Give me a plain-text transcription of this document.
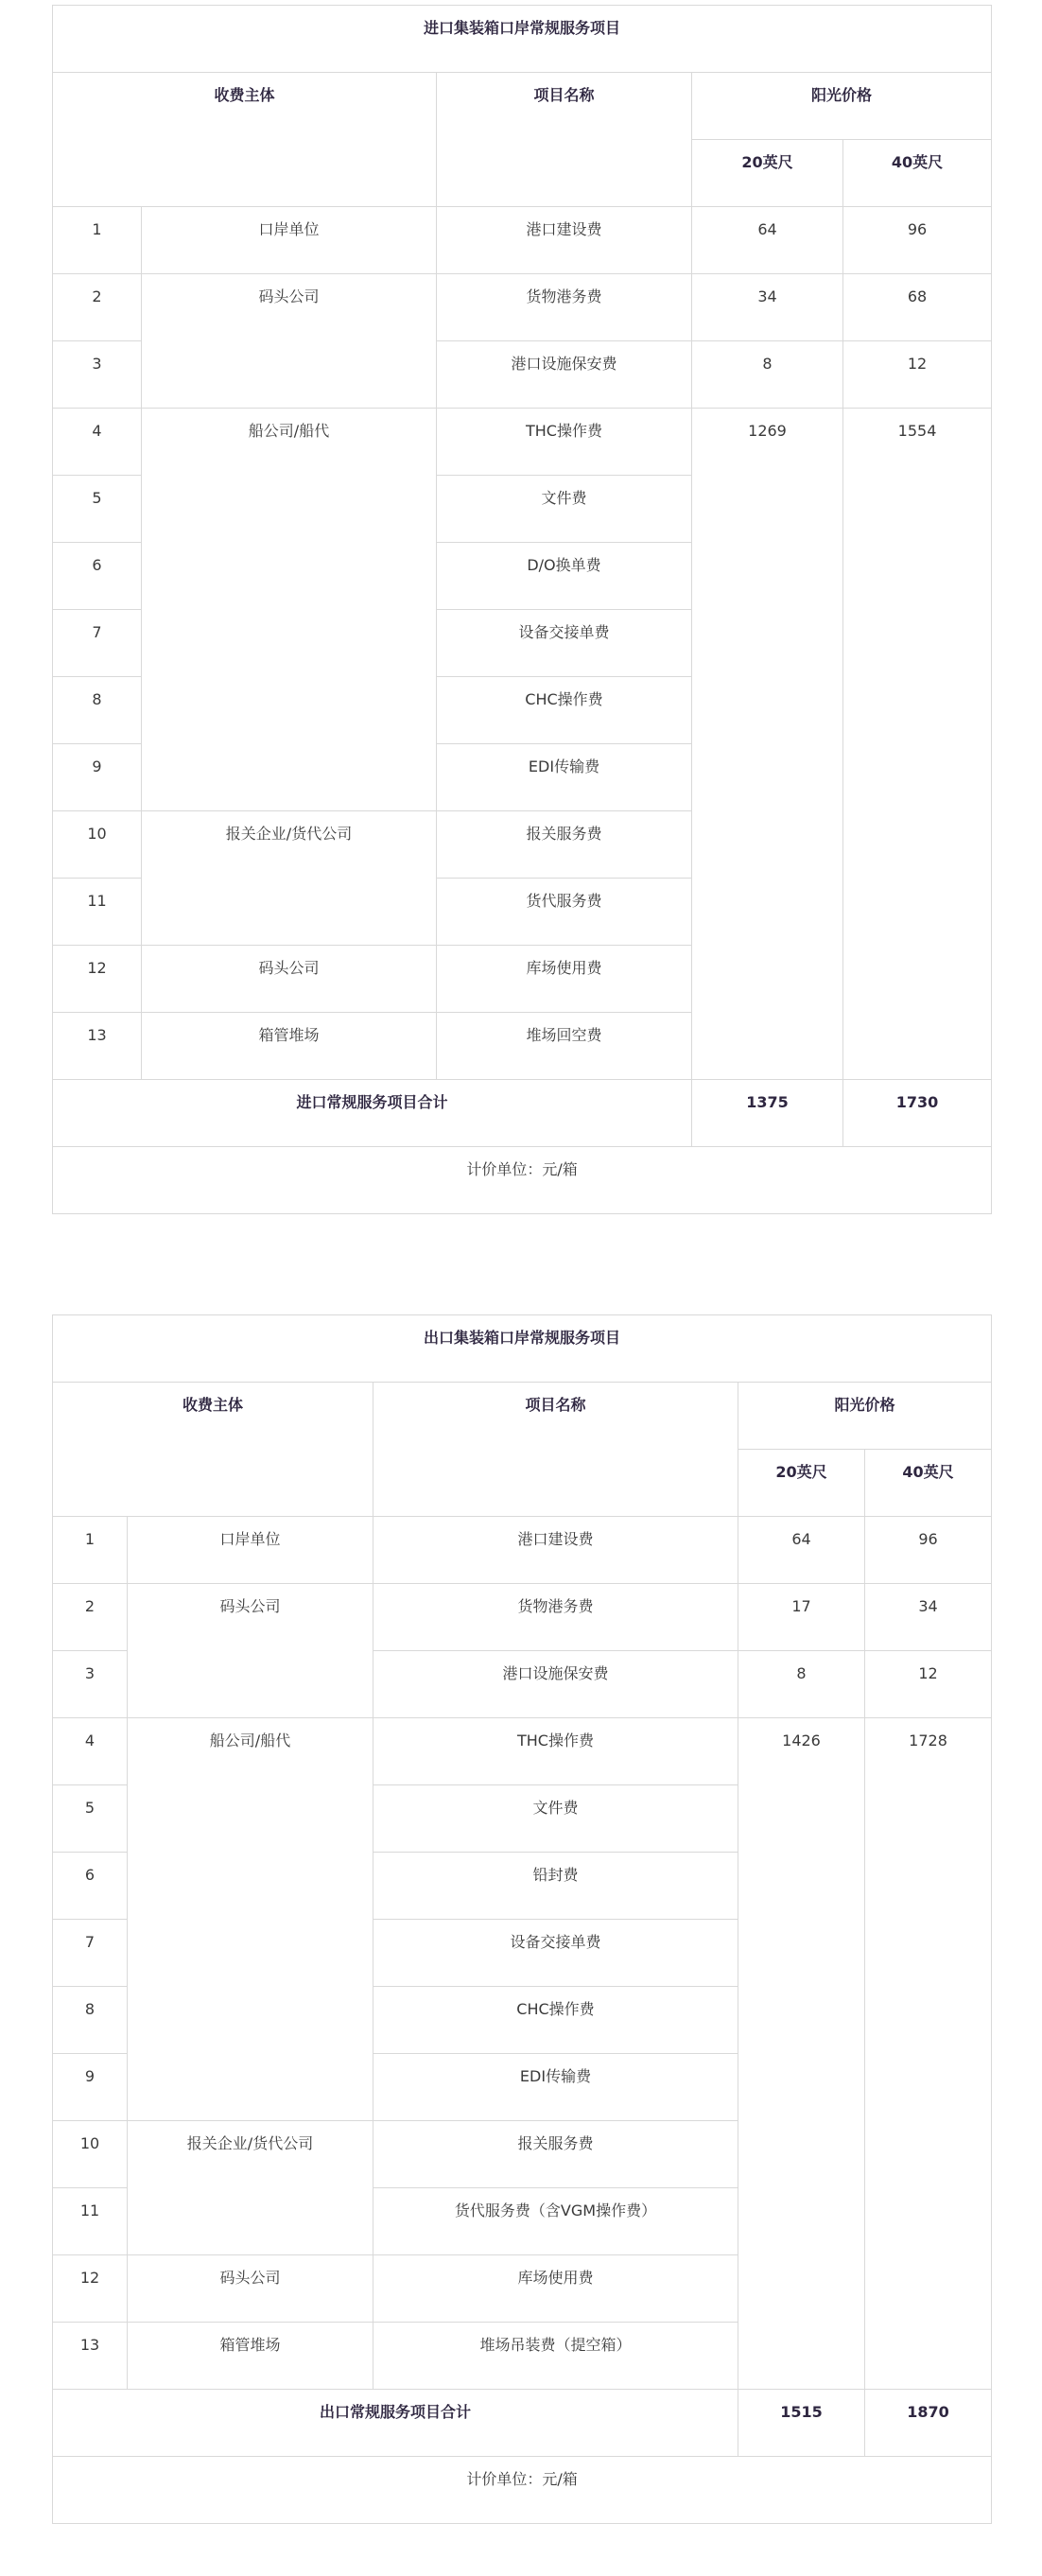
进口集装箱口岸常规服务项目				
收费主体		项目名称	阳光价格	
			20英尺	40英尺
1	口岸单位	港口建设费	64	96
2	码头公司	货物港务费	34	68
3		港口设施保安费	8	12
4	船公司/船代	THC操作费	1269	1554
5		文件费		
6		D/O换单费		
7		设备交接单费		
8		CHC操作费		
9		EDI传输费		
10	报关企业/货代公司	报关服务费		
11		货代服务费		
12	码头公司	库场使用费		
13	箱管堆场	堆场回空费		
进口常规服务项目合计			1375	1730
计价单位：元/箱				
出口集装箱口岸常规服务项目				
收费主体		项目名称	阳光价格	
			20英尺	40英尺
1	口岸单位	港口建设费	64	96
2	码头公司	货物港务费	17	34
3		港口设施保安费	8	12
4	船公司/船代	THC操作费	1426	1728
5		文件费		
6		铅封费		
7		设备交接单费		
8		CHC操作费		
9		EDI传输费		
10	报关企业/货代公司	报关服务费		
11		货代服务费（含VGM操作费）		
12	码头公司	库场使用费		
13	箱管堆场	堆场吊装费（提空箱）		
出口常规服务项目合计			1515	1870
计价单位：元/箱				
